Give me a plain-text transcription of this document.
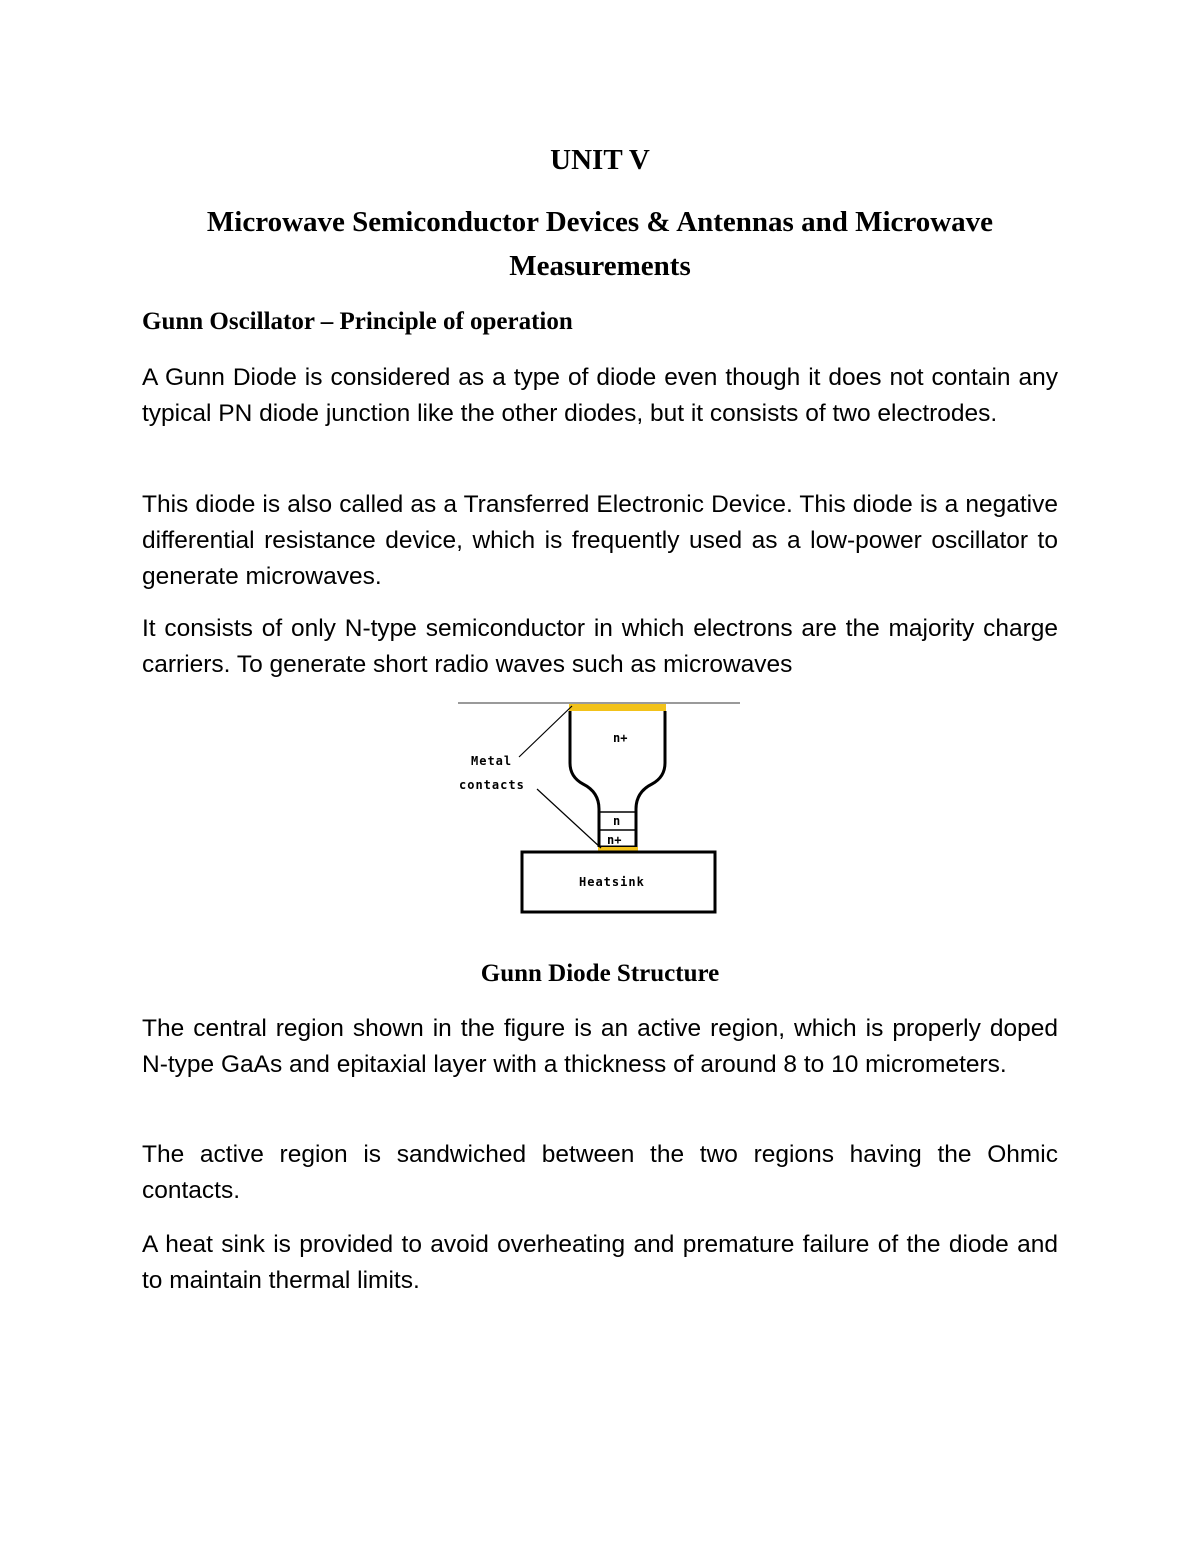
UNIT V
Microwave Semiconductor Devices & Antennas and Microwave Measurements
Gunn Oscillator – Principle of operation

A Gunn Diode is considered as a type of diode even though it does not contain any typical PN diode junction like the other diodes, but it consists of two electrodes.

This diode is also called as a Transferred Electronic Device. This diode is a negative differential resistance device, which is frequently used as a low-power oscillator to generate microwaves.

It consists of only N-type semiconductor in which electrons are the majority charge carriers. To generate short radio waves such as microwaves

n+
Metal
contacts
n
n+
Heatsink
Gunn Diode Structure

The central region shown in the figure is an active region, which is properly doped N-type GaAs and epitaxial layer with a thickness of around 8 to 10 micrometers.

The active region is sandwiched between the two regions having the Ohmic contacts.

A heat sink is provided to avoid overheating and premature failure of the diode and to maintain thermal limits.
